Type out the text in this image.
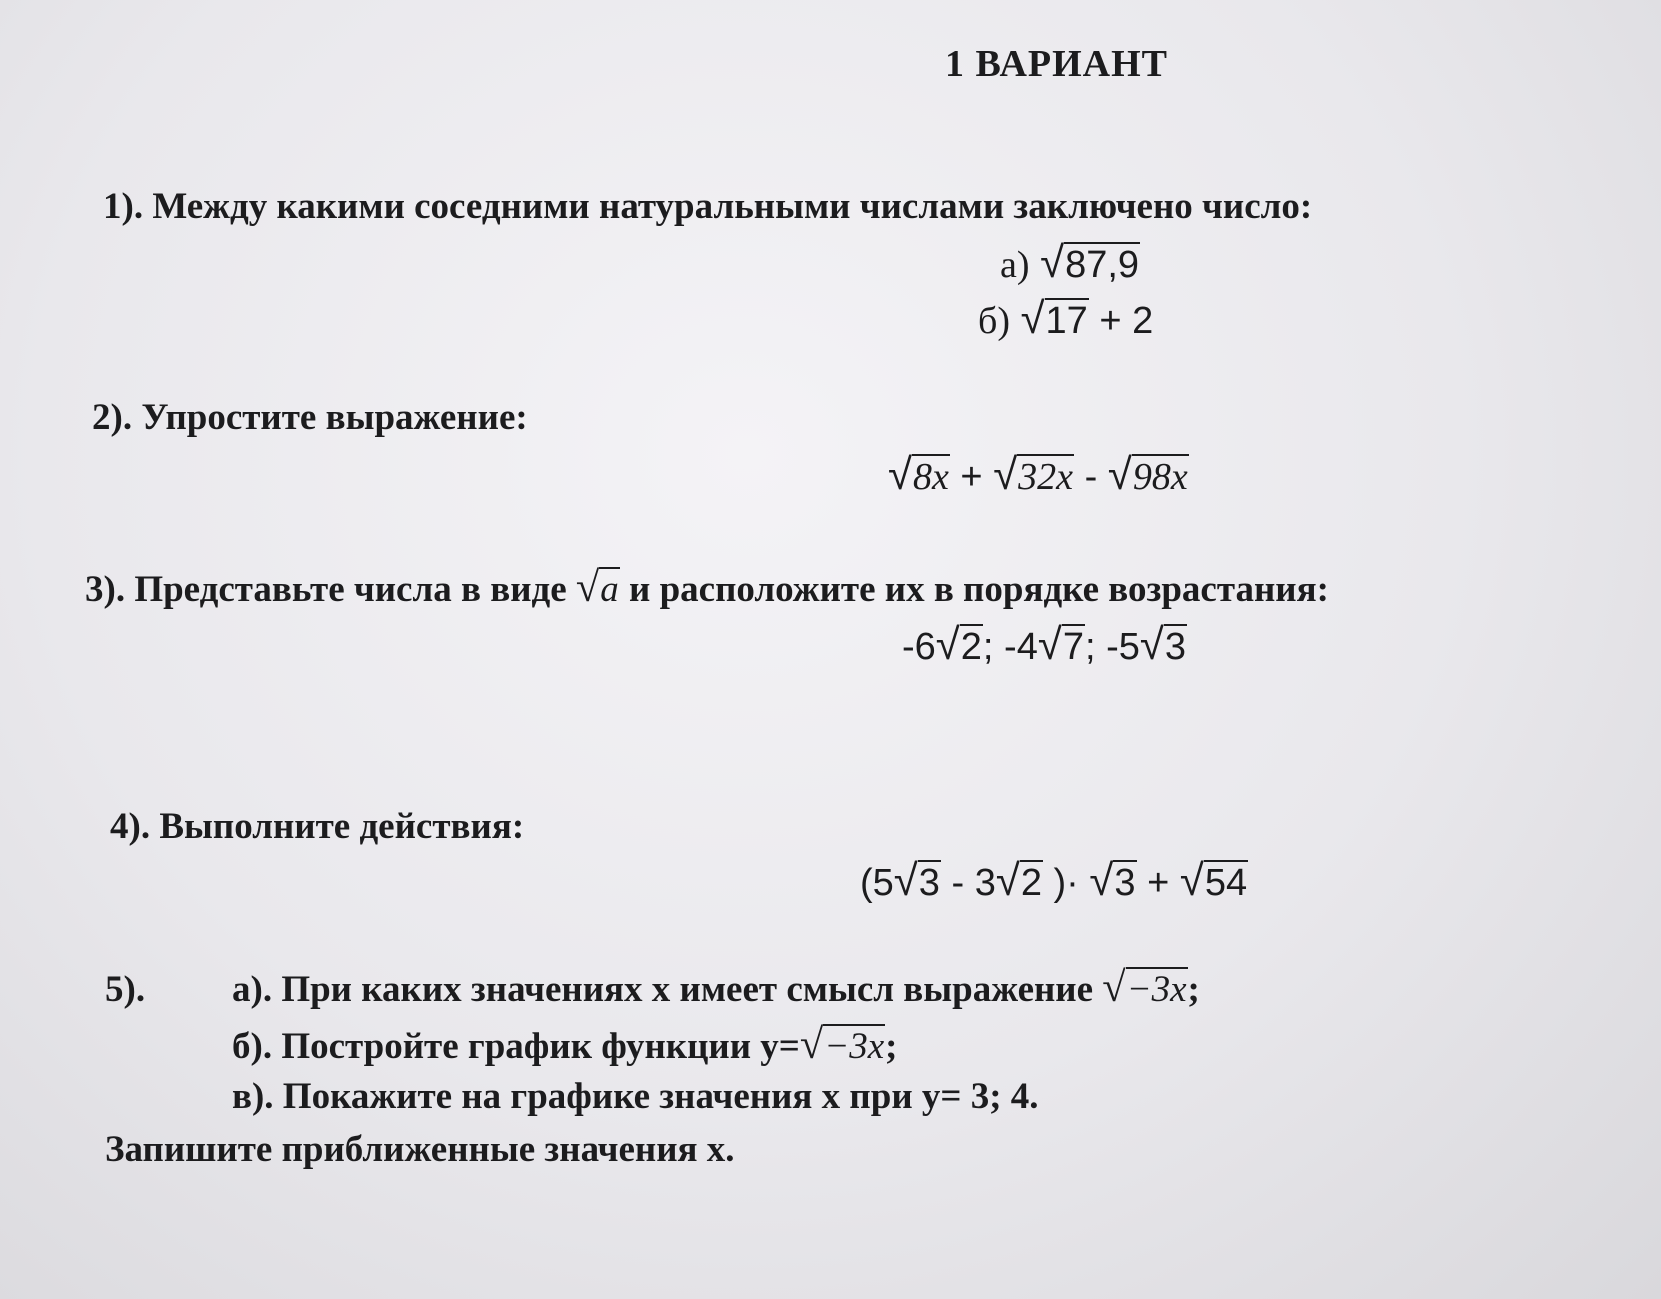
1 ВАРИАНТ
1). Между какими соседними натуральными числами заключено число:
а) √87,9
б) √17 + 2
2). Упростите выражение:
√8x + √32x - √98x
3). Представьте числа в виде √a и расположите их в порядке возрастания:
-6√2; -4√7; -5√3
4). Выполните действия:
(5√3 - 3√2 )· √3 + √54
5). а). При каких значениях х имеет смысл выражение √−3x;
б). Постройте график функции y=√−3x;
в). Покажите на графике значения х при y= 3; 4.
Запишите приближенные значения х.
